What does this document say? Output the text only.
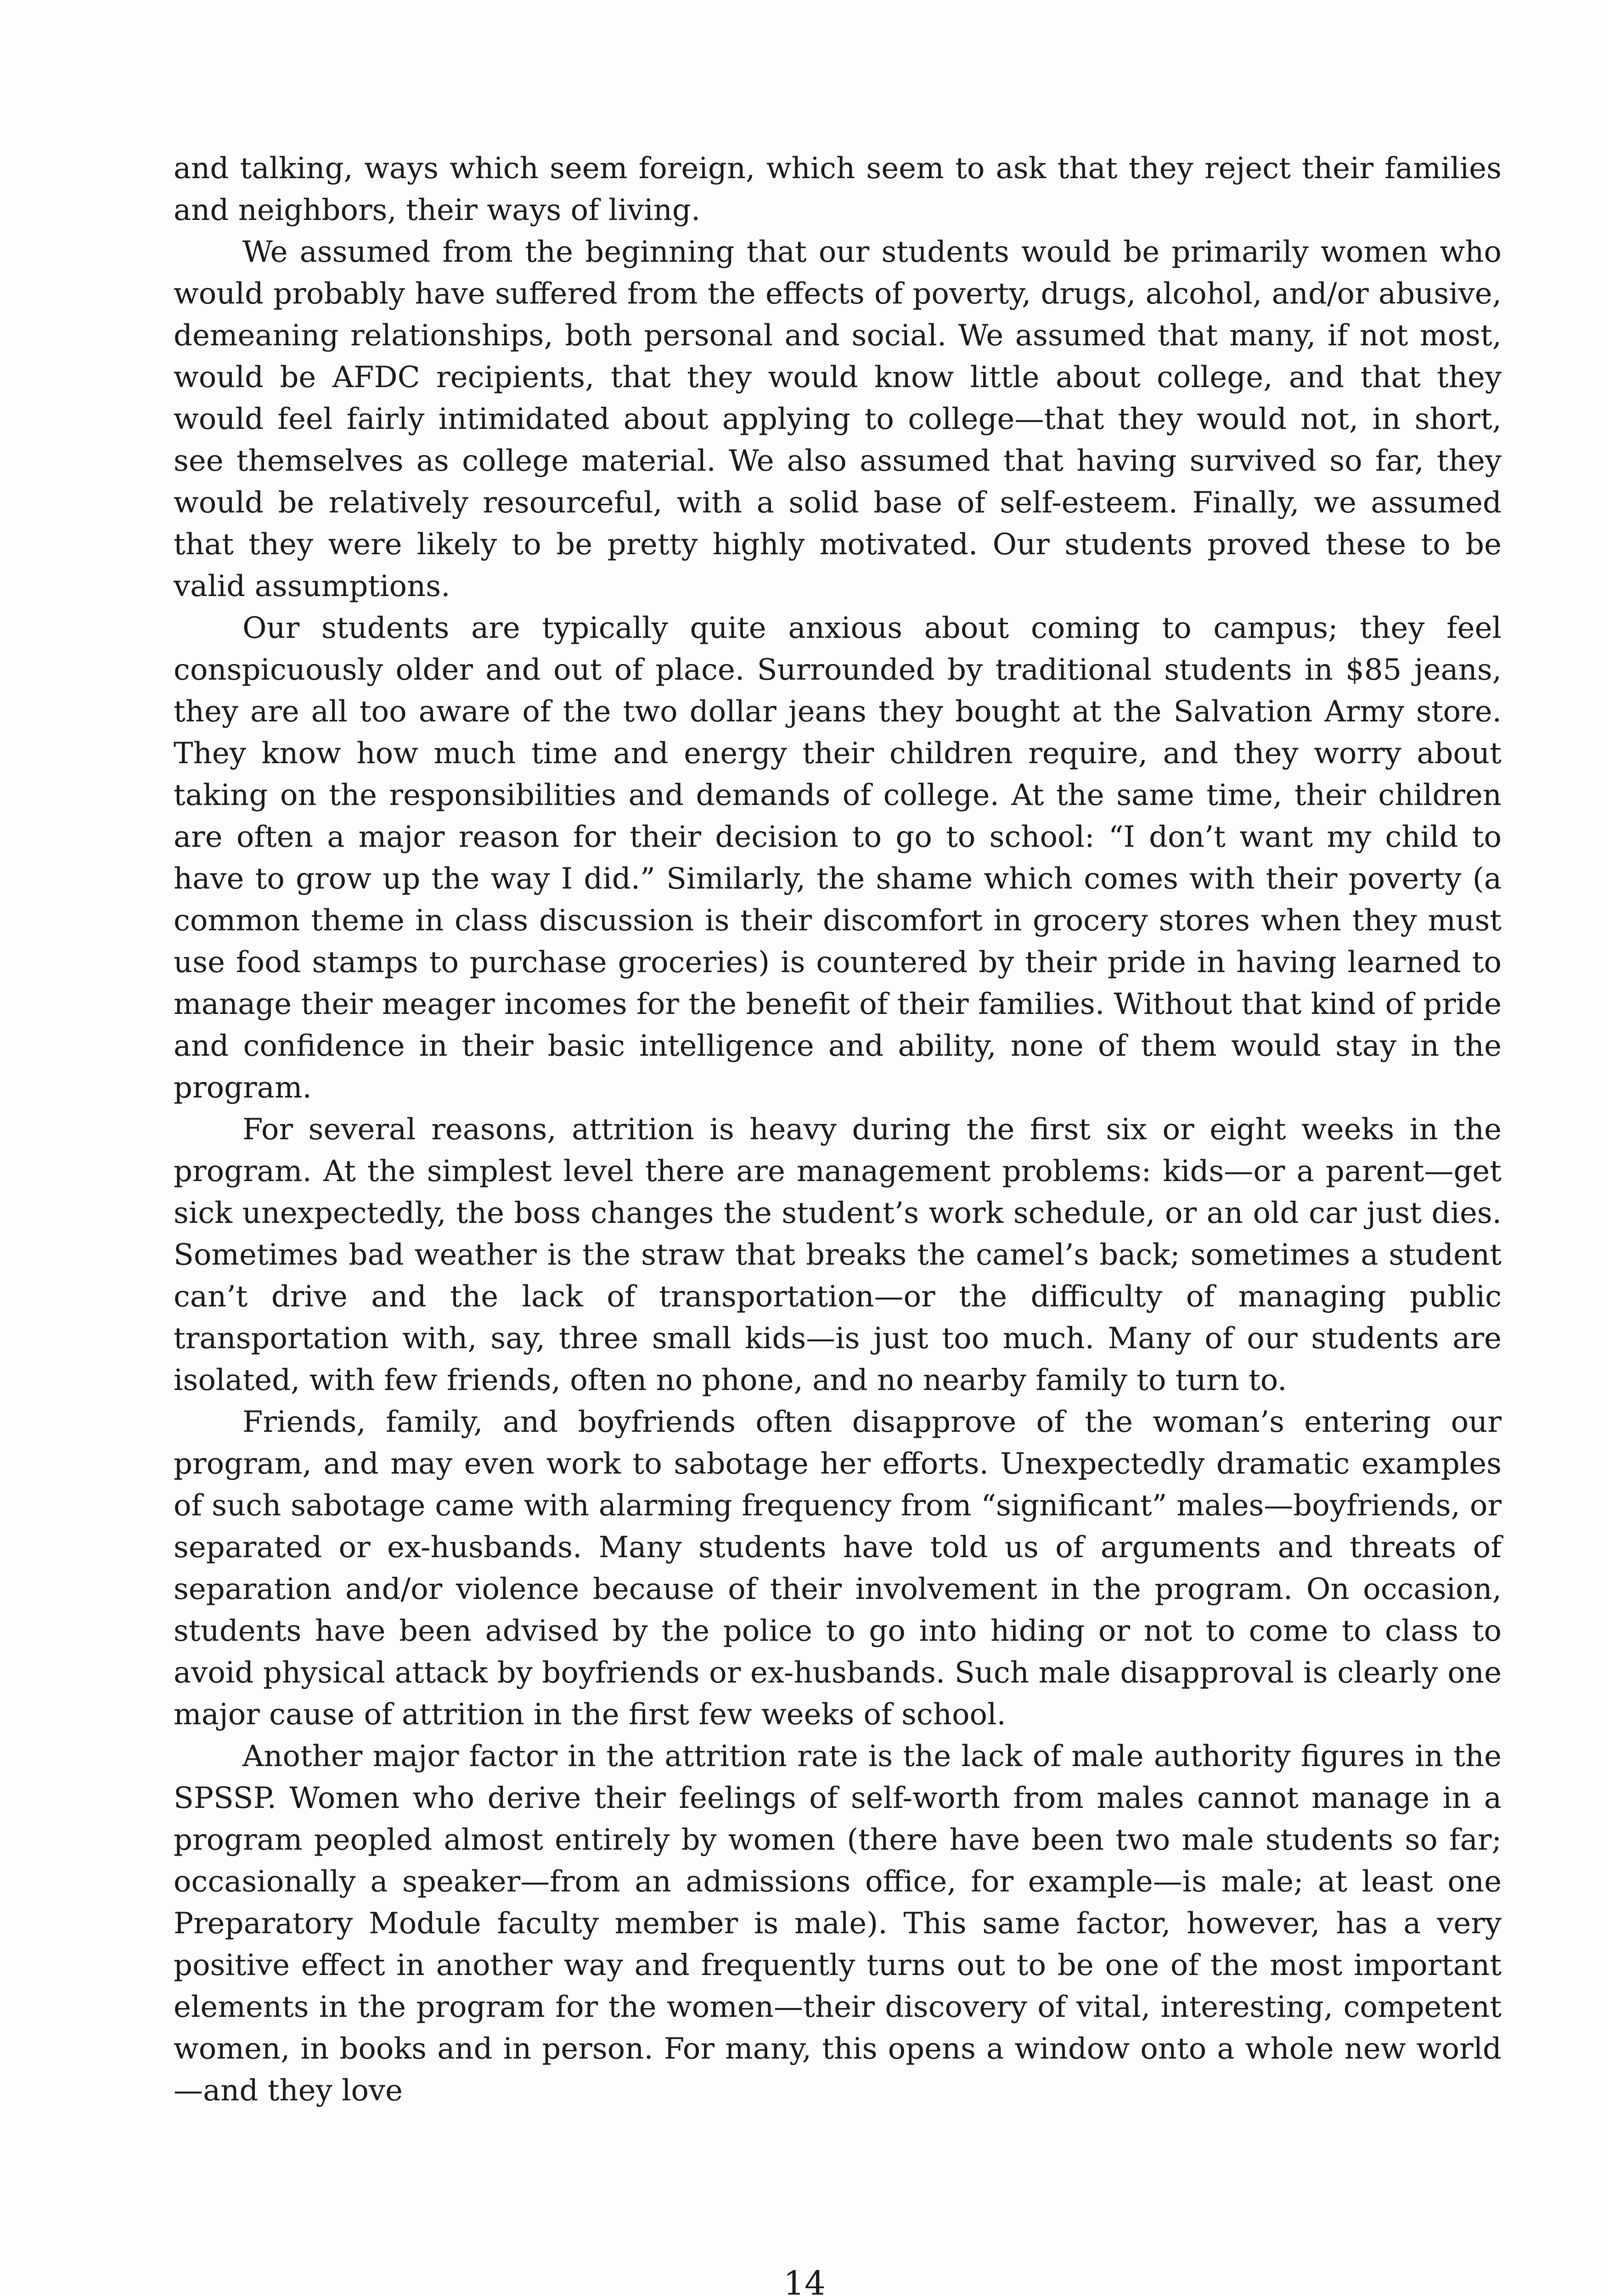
and talking, ways which seem foreign, which seem to ask that they reject their families and neighbors, their ways of living.

We assumed from the beginning that our students would be primarily women who would probably have suffered from the effects of poverty, drugs, alcohol, and/or abusive, demeaning relationships, both personal and social. We assumed that many, if not most, would be AFDC recipients, that they would know little about college, and that they would feel fairly intimidated about applying to college—that they would not, in short, see themselves as college material. We also assumed that having survived so far, they would be relatively resourceful, with a solid base of self-esteem. Finally, we assumed that they were likely to be pretty highly motivated. Our students proved these to be valid assumptions.

Our students are typically quite anxious about coming to campus; they feel conspicuously older and out of place. Surrounded by traditional students in $85 jeans, they are all too aware of the two dollar jeans they bought at the Salvation Army store. They know how much time and energy their children require, and they worry about taking on the responsibilities and demands of college. At the same time, their children are often a major reason for their decision to go to school: “I don’t want my child to have to grow up the way I did.” Similarly, the shame which comes with their poverty (a common theme in class discussion is their discomfort in grocery stores when they must use food stamps to purchase groceries) is countered by their pride in having learned to manage their meager incomes for the benefit of their families. Without that kind of pride and confidence in their basic intelligence and ability, none of them would stay in the program.

For several reasons, attrition is heavy during the first six or eight weeks in the program. At the simplest level there are management problems: kids—or a parent—get sick unexpectedly, the boss changes the student’s work schedule, or an old car just dies. Sometimes bad weather is the straw that breaks the camel’s back; sometimes a student can’t drive and the lack of transportation—or the difficulty of managing public transportation with, say, three small kids—is just too much. Many of our students are isolated, with few friends, often no phone, and no nearby family to turn to.

Friends, family, and boyfriends often disapprove of the woman’s entering our program, and may even work to sabotage her efforts. Unexpectedly dramatic examples of such sabotage came with alarming frequency from “significant” males—boyfriends, or separated or ex-husbands. Many students have told us of arguments and threats of separation and/or violence because of their involvement in the program. On occasion, students have been advised by the police to go into hiding or not to come to class to avoid physical attack by boyfriends or ex-husbands. Such male disapproval is clearly one major cause of attrition in the first few weeks of school.

Another major factor in the attrition rate is the lack of male authority figures in the SPSSP. Women who derive their feelings of self-worth from males cannot manage in a program peopled almost entirely by women (there have been two male students so far; occasionally a speaker—from an admissions office, for example—is male; at least one Preparatory Module faculty member is male). This same factor, however, has a very positive effect in another way and frequently turns out to be one of the most important elements in the program for the women—their discovery of vital, interesting, competent women, in books and in person. For many, this opens a window onto a whole new world—and they love

14
